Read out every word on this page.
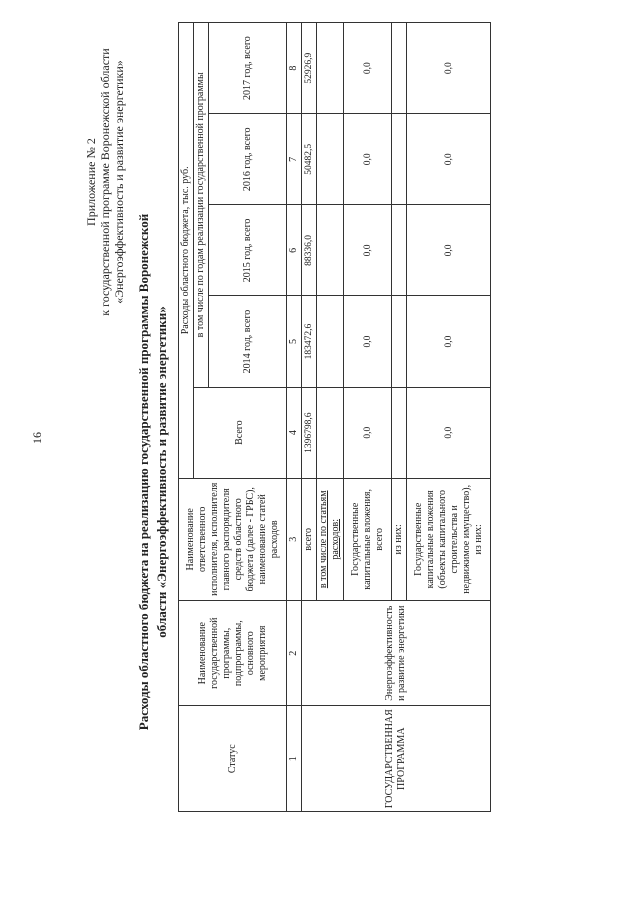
16
Приложение № 2 к государственной программе Воронежской области «Энергоэффективность и развитие энергетики»
Расходы областного бюджета на реализацию государственной программы Воронежской области «Энергоэффективность и развитие энергетики»
Статус	Наименование государственной программы, подпрограммы, основного мероприятия	Наименование ответственного исполнителя, исполнителя главного распорядителя средств областного бюджета (далее - ГРБС), наименование статей расходов	Расходы областного бюджета, тыс. руб.				
			Всего	в том числе по годам реализации государственной программы			
				2014 год, всего	2015 год, всего	2016 год, всего	2017 год, всего
1	2	3	4	5	6	7	8
ГОСУДАРСТВЕННАЯ ПРОГРАММА	Энергоэффективность и развитие энергетики	всего	1396798,6	183472,6	88336,0	50482,5	52926,9
		в том числе по статьям расходов:					
		Государственные капитальные вложения, всего	0,0	0,0	0,0	0,0	0,0
		из них:					
		Государственные капитальные вложения (объекты капитального строительства и недвижимое имущество), из них:	0,0	0,0	0,0	0,0	0,0
